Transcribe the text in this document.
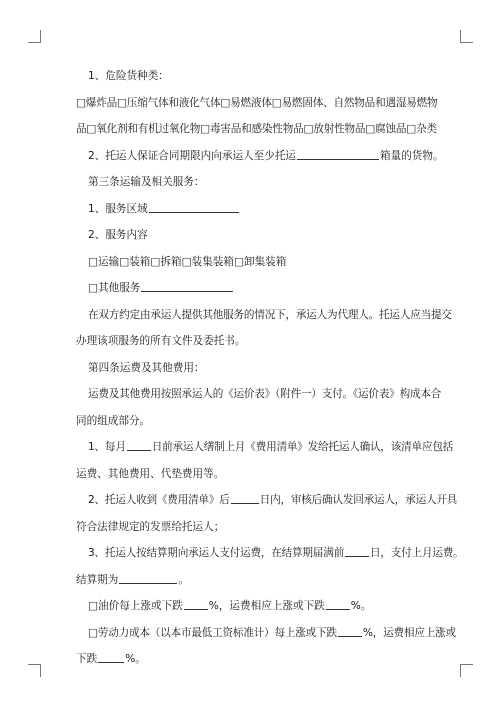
1、危险货种类：
□爆炸品□压缩气体和液化气体□易燃液体□易燃固体、自然物品和遇湿易燃物
品□氧化剂和有机过氧化物□毒害品和感染性物品□放射性物品□腐蚀品□杂类
2、托运人保证合同期限内向承运人至少托运	箱量的货物。
第三条运输及相关服务：
1、服务区域
2、服务内容
□运输□装箱□拆箱□装集装箱□卸集装箱
□其他服务
在双方约定由承运人提供其他服务的情况下，承运人为代理人。托运人应当提交
办理该项服务的所有文件及委托书。
第四条运费及其他费用：
运费及其他费用按照承运人的《运价表》（附件一）支付。《运价表》构成本合
同的组成部分。
1、每月 日前承运人缮制上月《费用清单》发给托运人确认，该清单应包括
运费、其他费用、代垫费用等。
2、托运人收到《费用清单》后	日内，审核后确认发回承运人，承运人开具
符合法律规定的发票给托运人；
3、托运人按结算期向承运人支付运费，在结算期届满前 日，支付上月运费。
结算期为	。
□油价每上涨或下跌 %，运费相应上涨或下跌 %。
□劳动力成本（以本市最低工资标准计）每上涨或下跌 %，运费相应上涨或
下跌	%。
